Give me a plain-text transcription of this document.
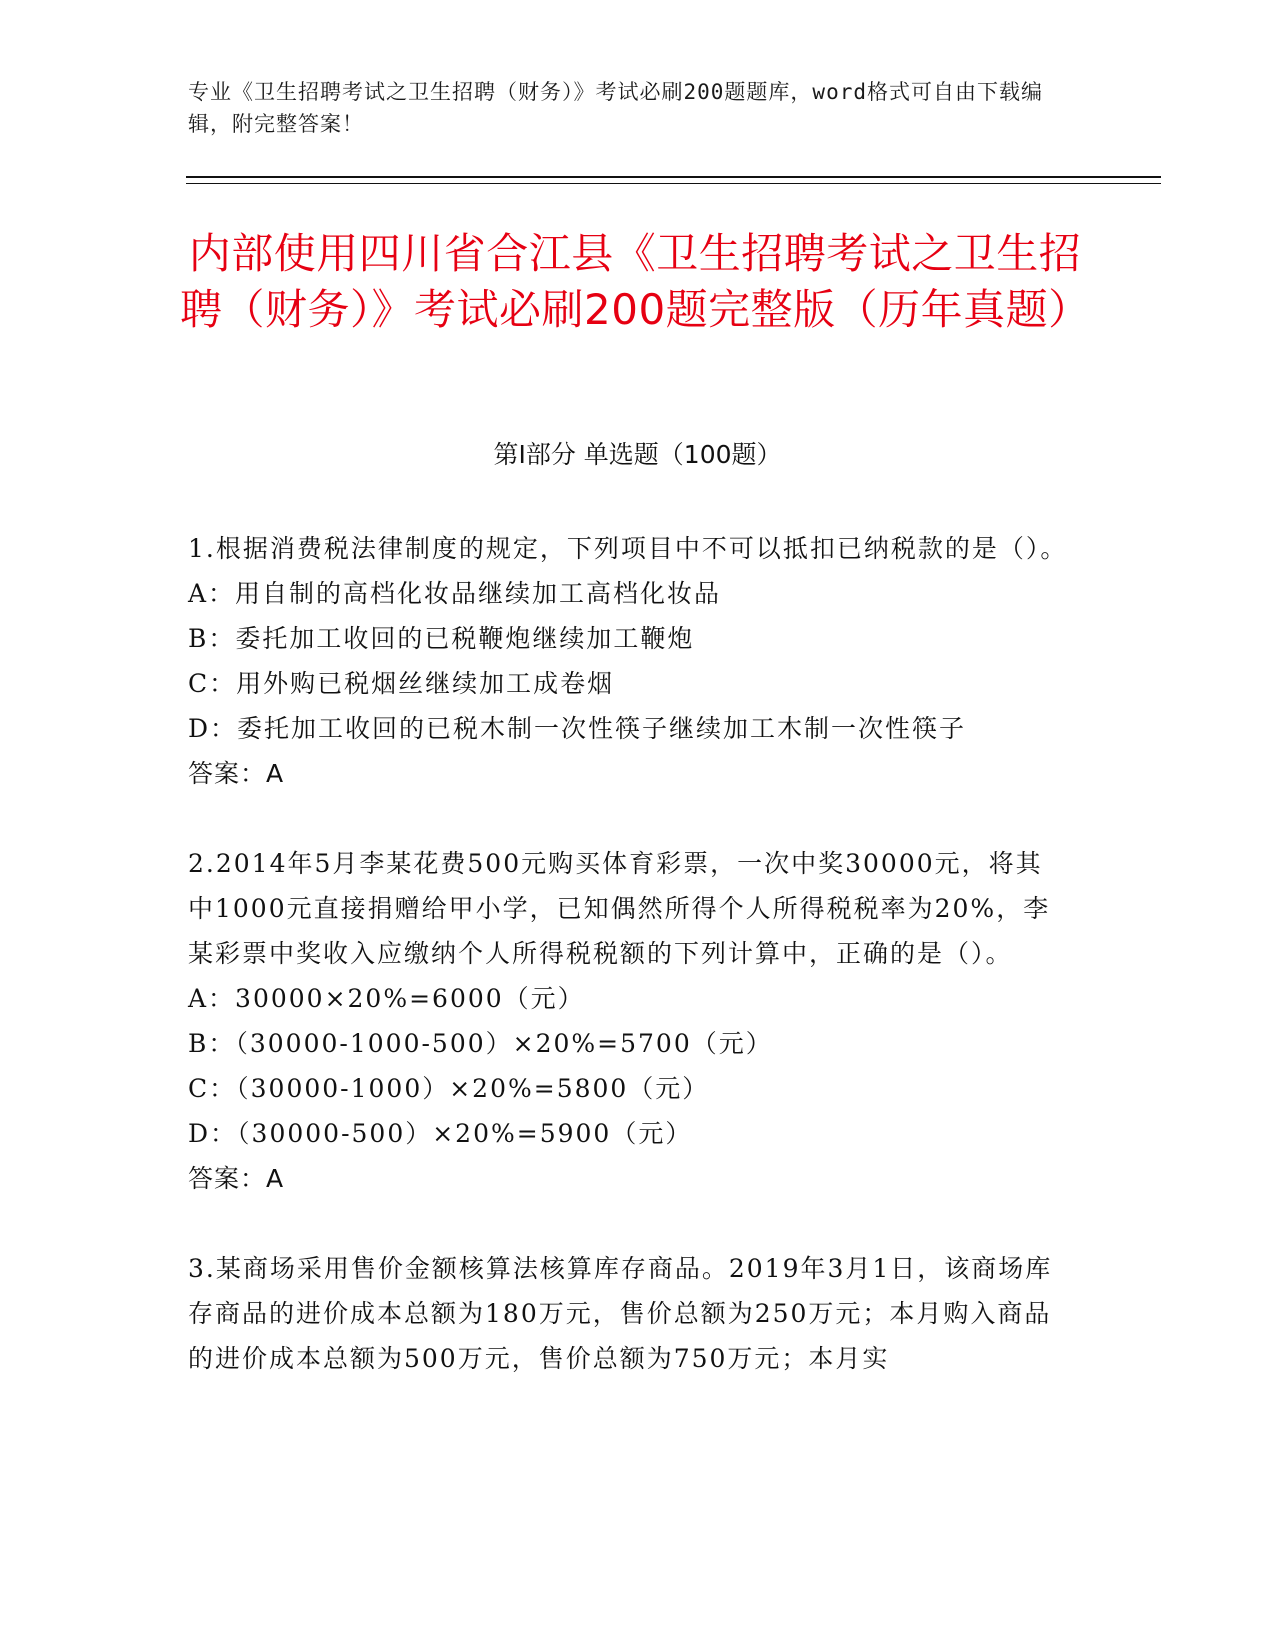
专业《卫生招聘考试之卫生招聘（财务）》考试必刷200题题库，word格式可自由下载编辑，附完整答案！
内部使用四川省合江县《卫生招聘考试之卫生招聘（财务）》考试必刷200题完整版（历年真题）
第I部分 单选题（100题）

1.根据消费税法律制度的规定，下列项目中不可以抵扣已纳税款的是（）。

A：用自制的高档化妆品继续加工高档化妆品

B：委托加工收回的已税鞭炮继续加工鞭炮

C：用外购已税烟丝继续加工成卷烟

D：委托加工收回的已税木制一次性筷子继续加工木制一次性筷子

答案：A

2.2014年5月李某花费500元购买体育彩票，一次中奖30000元，将其中1000元直接捐赠给甲小学，已知偶然所得个人所得税税率为20%，李某彩票中奖收入应缴纳个人所得税税额的下列计算中，正确的是（）。

A：30000×20%=6000（元）

B：（30000-1000-500）×20%=5700（元）

C：（30000-1000）×20%=5800（元）

D：（30000-500）×20%=5900（元）

答案：A

3.某商场采用售价金额核算法核算库存商品。2019年3月1日，该商场库存商品的进价成本总额为180万元，售价总额为250万元；本月购入商品的进价成本总额为500万元，售价总额为750万元；本月实
